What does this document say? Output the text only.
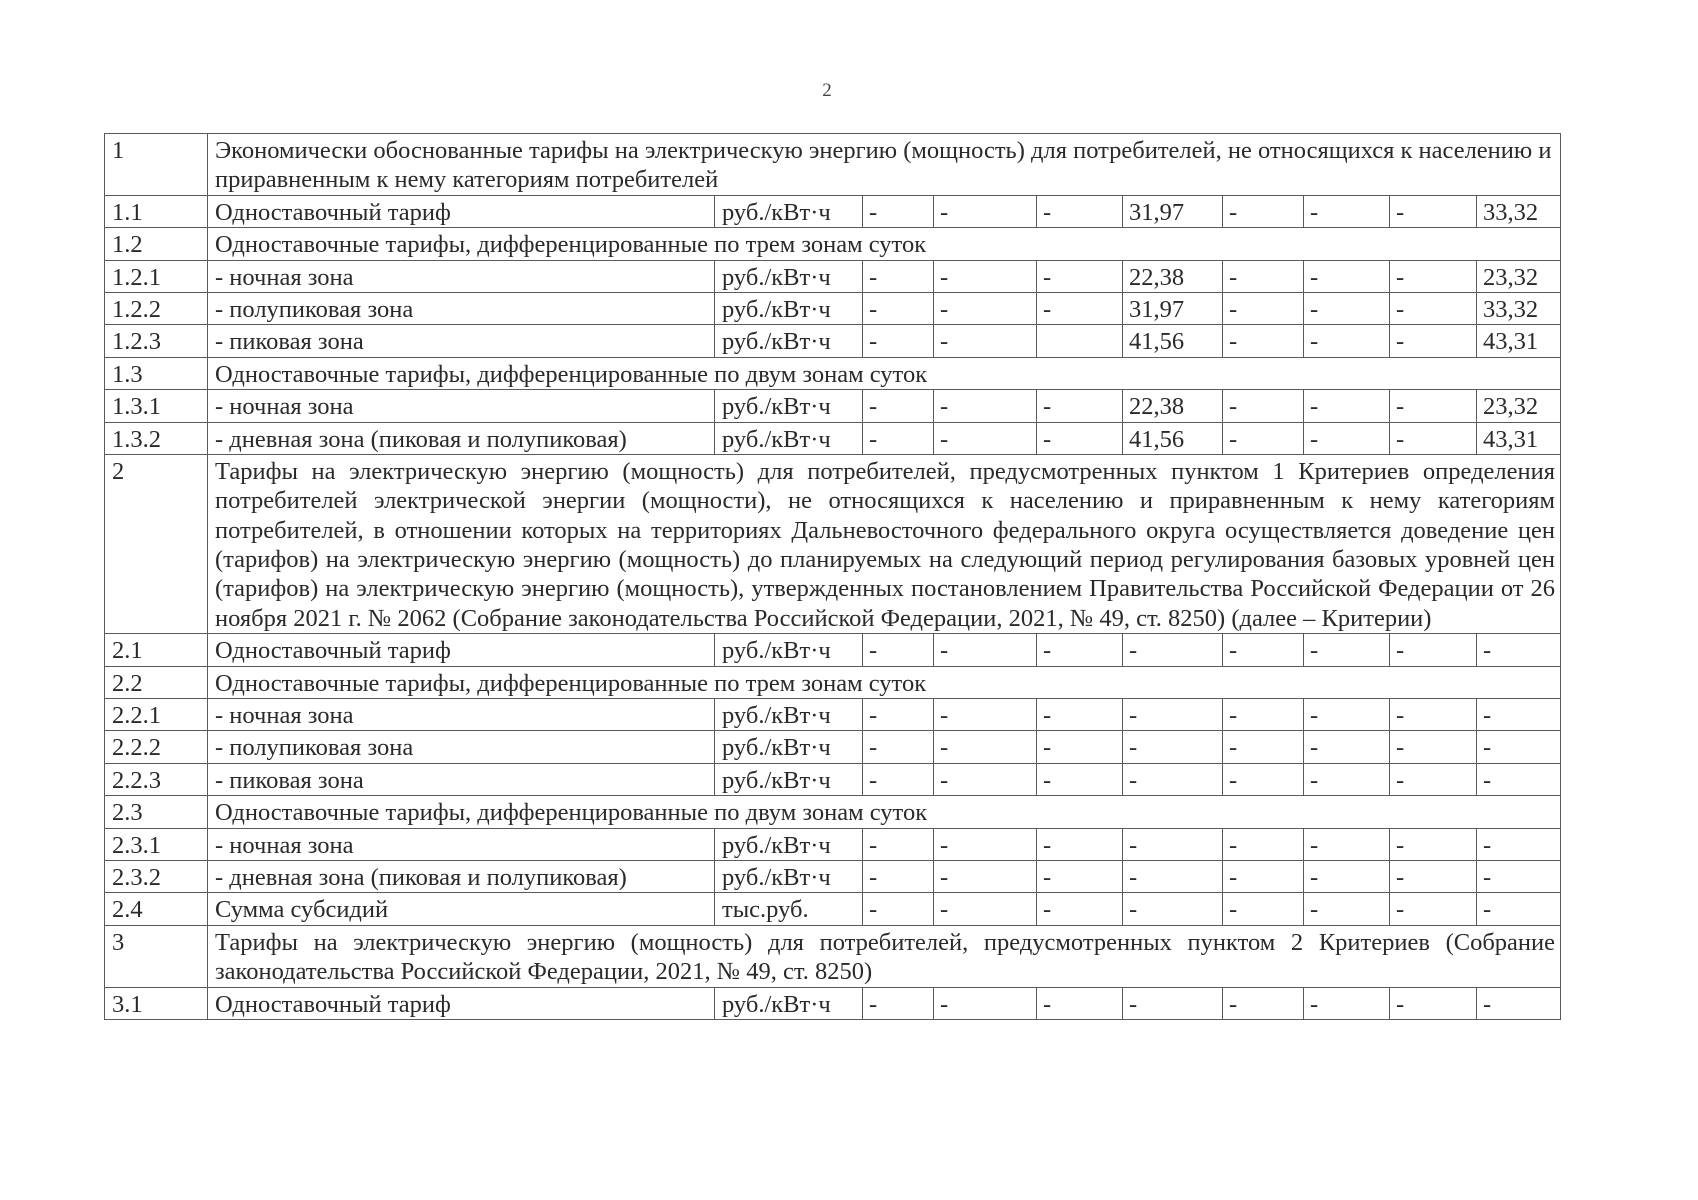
2
1	Экономически обоснованные тарифы на электрическую энергию (мощность) для потребителей, не относящихся к населению и приравненным к нему категориям потребителей									
1.1	Одноставочный тариф	руб./кВт·ч	-	-	-	31,97	-	-	-	33,32
1.2	Одноставочные тарифы, дифференцированные по трем зонам суток									
1.2.1	- ночная зона	руб./кВт·ч	-	-	-	22,38	-	-	-	23,32
1.2.2	- полупиковая зона	руб./кВт·ч	-	-	-	31,97	-	-	-	33,32
1.2.3	- пиковая зона	руб./кВт·ч	-	-		41,56	-	-	-	43,31
1.3	Одноставочные тарифы, дифференцированные по двум зонам суток									
1.3.1	- ночная зона	руб./кВт·ч	-	-	-	22,38	-	-	-	23,32
1.3.2	- дневная зона (пиковая и полупиковая)	руб./кВт·ч	-	-	-	41,56	-	-	-	43,31
2	Тарифы на электрическую энергию (мощность) для потребителей, предусмотренных пунктом 1 Критериев определения потребителей электрической энергии (мощности), не относящихся к населению и приравненным к нему категориям потребителей, в отношении которых на территориях Дальневосточного федерального округа осуществляется доведение цен (тарифов) на электрическую энергию (мощность) до планируемых на следующий период регулирования базовых уровней цен (тарифов) на электрическую энергию (мощность), утвержденных постановлением Правительства Российской Федерации от 26 ноября 2021 г. № 2062 (Собрание законодательства Российской Федерации, 2021, № 49, ст. 8250) (далее – Критерии)									
2.1	Одноставочный тариф	руб./кВт·ч	-	-	-	-	-	-	-	-
2.2	Одноставочные тарифы, дифференцированные по трем зонам суток									
2.2.1	- ночная зона	руб./кВт·ч	-	-	-	-	-	-	-	-
2.2.2	- полупиковая зона	руб./кВт·ч	-	-	-	-	-	-	-	-
2.2.3	- пиковая зона	руб./кВт·ч	-	-	-	-	-	-	-	-
2.3	Одноставочные тарифы, дифференцированные по двум зонам суток									
2.3.1	- ночная зона	руб./кВт·ч	-	-	-	-	-	-	-	-
2.3.2	- дневная зона (пиковая и полупиковая)	руб./кВт·ч	-	-	-	-	-	-	-	-
2.4	Сумма субсидий	тыс.руб.	-	-	-	-	-	-	-	-
3	Тарифы на электрическую энергию (мощность) для потребителей, предусмотренных пунктом 2 Критериев (Собрание законодательства Российской Федерации, 2021, № 49, ст. 8250)									
3.1	Одноставочный тариф	руб./кВт·ч	-	-	-	-	-	-	-	-
